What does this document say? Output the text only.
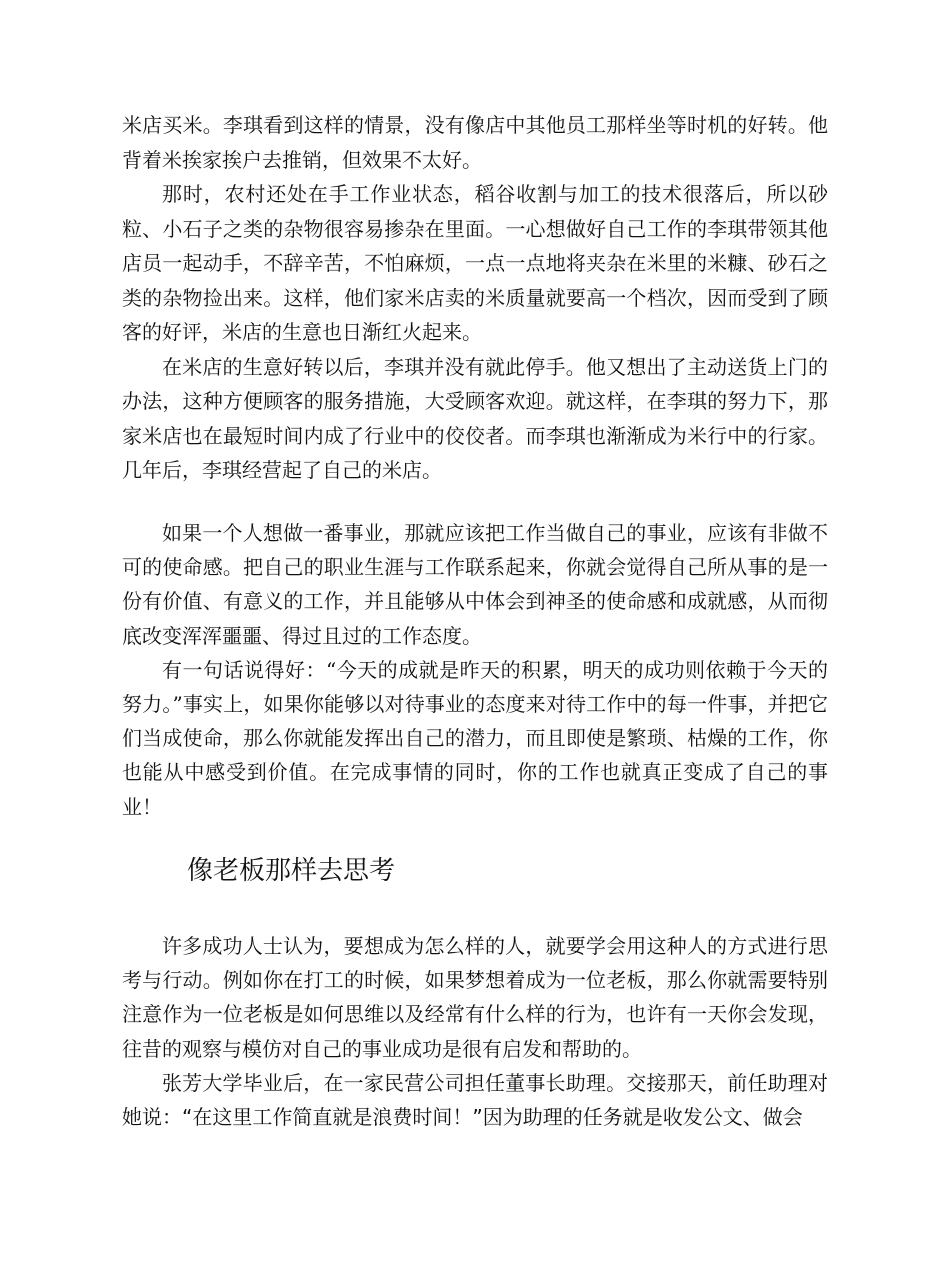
米店买米。李琪看到这样的情景，没有像店中其他员工那样坐等时机的好转。他背着米挨家挨户去推销，但效果不太好。

那时，农村还处在手工作业状态，稻谷收割与加工的技术很落后，所以砂粒、小石子之类的杂物很容易掺杂在里面。一心想做好自己工作的李琪带领其他店员一起动手，不辞辛苦，不怕麻烦，一点一点地将夹杂在米里的米糠、砂石之类的杂物捡出来。这样，他们家米店卖的米质量就要高一个档次，因而受到了顾客的好评，米店的生意也日渐红火起来。

在米店的生意好转以后，李琪并没有就此停手。他又想出了主动送货上门的办法，这种方便顾客的服务措施，大受顾客欢迎。就这样，在李琪的努力下，那家米店也在最短时间内成了行业中的佼佼者。而李琪也渐渐成为米行中的行家。几年后，李琪经营起了自己的米店。

如果一个人想做一番事业，那就应该把工作当做自己的事业，应该有非做不可的使命感。把自己的职业生涯与工作联系起来，你就会觉得自己所从事的是一份有价值、有意义的工作，并且能够从中体会到神圣的使命感和成就感，从而彻底改变浑浑噩噩、得过且过的工作态度。

有一句话说得好：“今天的成就是昨天的积累，明天的成功则依赖于今天的努力。”事实上，如果你能够以对待事业的态度来对待工作中的每一件事，并把它们当成使命，那么你就能发挥出自己的潜力，而且即使是繁琐、枯燥的工作，你也能从中感受到价值。在完成事情的同时，你的工作也就真正变成了自己的事业！

像老板那样去思考

许多成功人士认为，要想成为怎么样的人，就要学会用这种人的方式进行思考与行动。例如你在打工的时候，如果梦想着成为一位老板，那么你就需要特别注意作为一位老板是如何思维以及经常有什么样的行为，也许有一天你会发现，往昔的观察与模仿对自己的事业成功是很有启发和帮助的。

张芳大学毕业后，在一家民营公司担任董事长助理。交接那天，前任助理对她说：“在这里工作简直就是浪费时间！”因为助理的任务就是收发公文、做会
